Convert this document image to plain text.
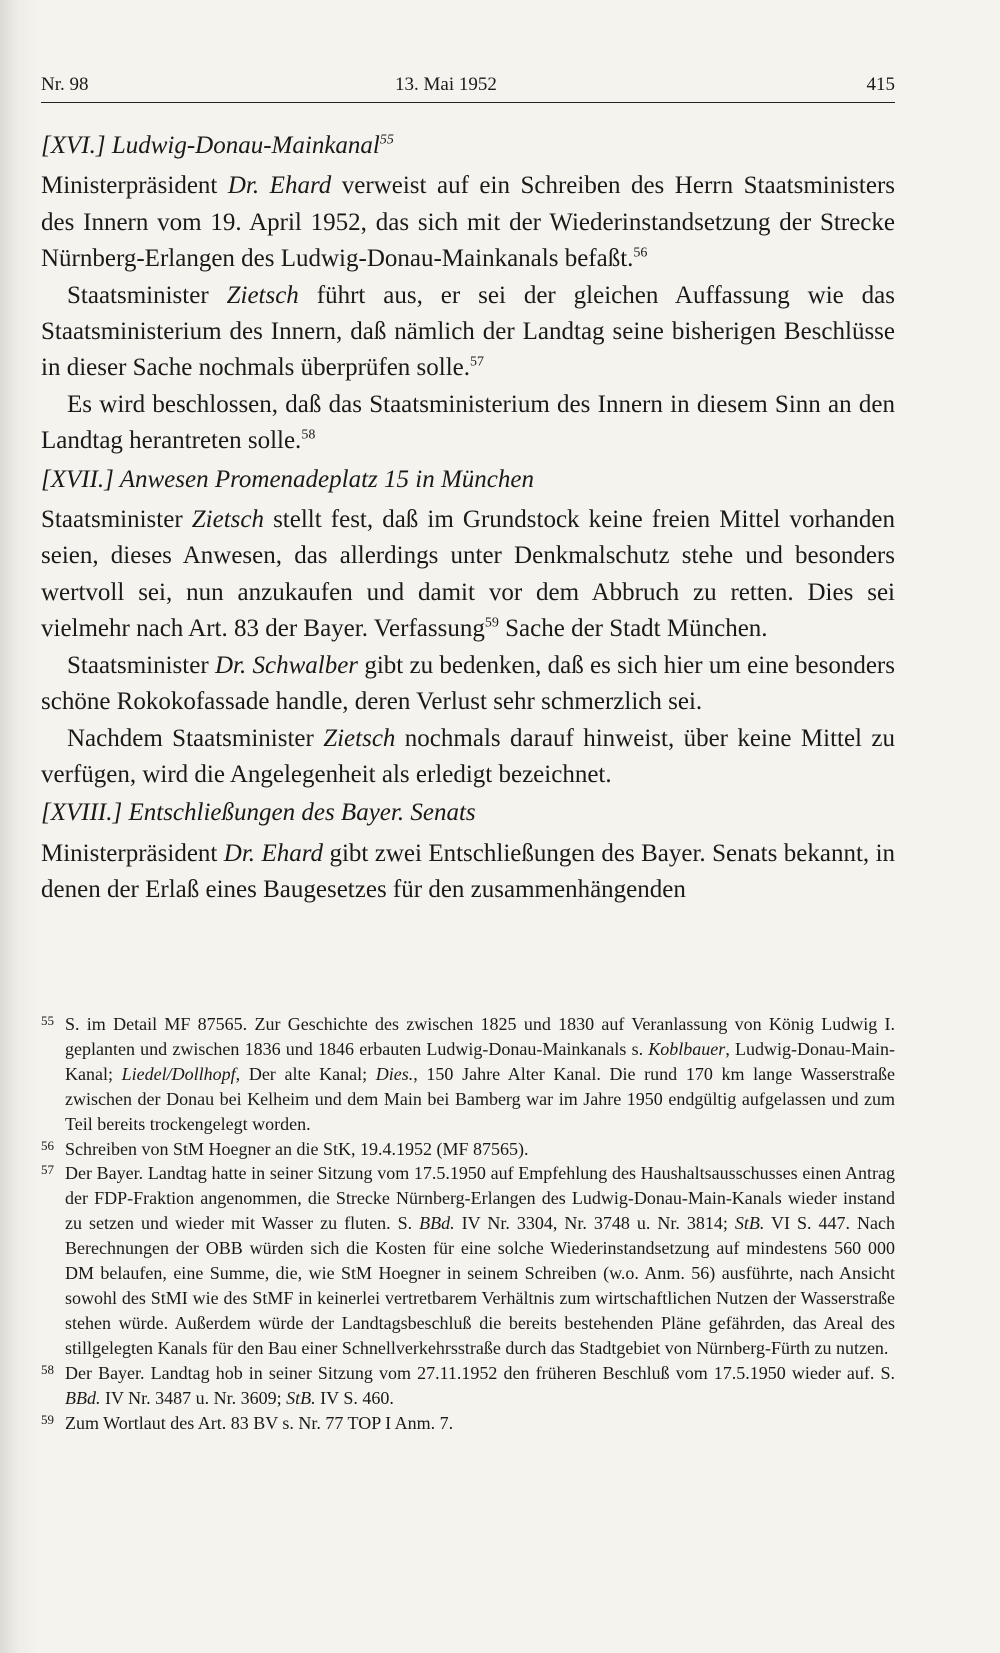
Nr. 98	13. Mai 1952	415

[XVI.] Ludwig-Donau-Mainkanal$^{55}$

Ministerpräsident Dr. Ehard verweist auf ein Schreiben des Herrn Staatsministers des Innern vom 19. April 1952, das sich mit der Wiederinstandsetzung der Strecke Nürnberg-Erlangen des Ludwig-Donau-Mainkanals befaßt.$^{56}$

Staatsminister Zietsch führt aus, er sei der gleichen Auffassung wie das Staatsministerium des Innern, daß nämlich der Landtag seine bisherigen Beschlüsse in dieser Sache nochmals überprüfen solle.$^{57}$

Es wird beschlossen, daß das Staatsministerium des Innern in diesem Sinn an den Landtag herantreten solle.$^{58}$

[XVII.] Anwesen Promenadeplatz 15 in München

Staatsminister Zietsch stellt fest, daß im Grundstock keine freien Mittel vorhanden seien, dieses Anwesen, das allerdings unter Denkmalschutz stehe und besonders wertvoll sei, nun anzukaufen und damit vor dem Abbruch zu retten. Dies sei vielmehr nach Art. 83 der Bayer. Verfassung$^{59}$ Sache der Stadt München.

Staatsminister Dr. Schwalber gibt zu bedenken, daß es sich hier um eine besonders schöne Rokokofassade handle, deren Verlust sehr schmerzlich sei.

Nachdem Staatsminister Zietsch nochmals darauf hinweist, über keine Mittel zu verfügen, wird die Angelegenheit als erledigt bezeichnet.

[XVIII.] Entschließungen des Bayer. Senats

Ministerpräsident Dr. Ehard gibt zwei Entschließungen des Bayer. Senats bekannt, in denen der Erlaß eines Baugesetzes für den zusammenhängenden

55 S. im Detail MF 87565. Zur Geschichte des zwischen 1825 und 1830 auf Veranlassung von König Ludwig I. geplanten und zwischen 1836 und 1846 erbauten Ludwig-Donau-Mainkanals s. Koblbauer, Ludwig-Donau-Main-Kanal; Liedel/Dollhopf, Der alte Kanal; Dies., 150 Jahre Alter Kanal. Die rund 170 km lange Wasserstraße zwischen der Donau bei Kelheim und dem Main bei Bamberg war im Jahre 1950 endgültig aufgelassen und zum Teil bereits trockengelegt worden.

56 Schreiben von StM Hoegner an die StK, 19.4.1952 (MF 87565).

57 Der Bayer. Landtag hatte in seiner Sitzung vom 17.5.1950 auf Empfehlung des Haushaltsausschusses einen Antrag der FDP-Fraktion angenommen, die Strecke Nürnberg-Erlangen des Ludwig-Donau-Main-Kanals wieder instand zu setzen und wieder mit Wasser zu fluten. S. BBd. IV Nr. 3304, Nr. 3748 u. Nr. 3814; StB. VI S. 447. Nach Berechnungen der OBB würden sich die Kosten für eine solche Wiederinstandsetzung auf mindestens 560 000 DM belaufen, eine Summe, die, wie StM Hoegner in seinem Schreiben (w.o. Anm. 56) ausführte, nach Ansicht sowohl des StMI wie des StMF in keinerlei vertretbarem Verhältnis zum wirtschaftlichen Nutzen der Wasserstraße stehen würde. Außerdem würde der Landtagsbeschluß die bereits bestehenden Pläne gefährden, das Areal des stillgelegten Kanals für den Bau einer Schnellverkehrsstraße durch das Stadtgebiet von Nürnberg-Fürth zu nutzen.

58 Der Bayer. Landtag hob in seiner Sitzung vom 27.11.1952 den früheren Beschluß vom 17.5.1950 wieder auf. S. BBd. IV Nr. 3487 u. Nr. 3609; StB. IV S. 460.

59 Zum Wortlaut des Art. 83 BV s. Nr. 77 TOP I Anm. 7.
